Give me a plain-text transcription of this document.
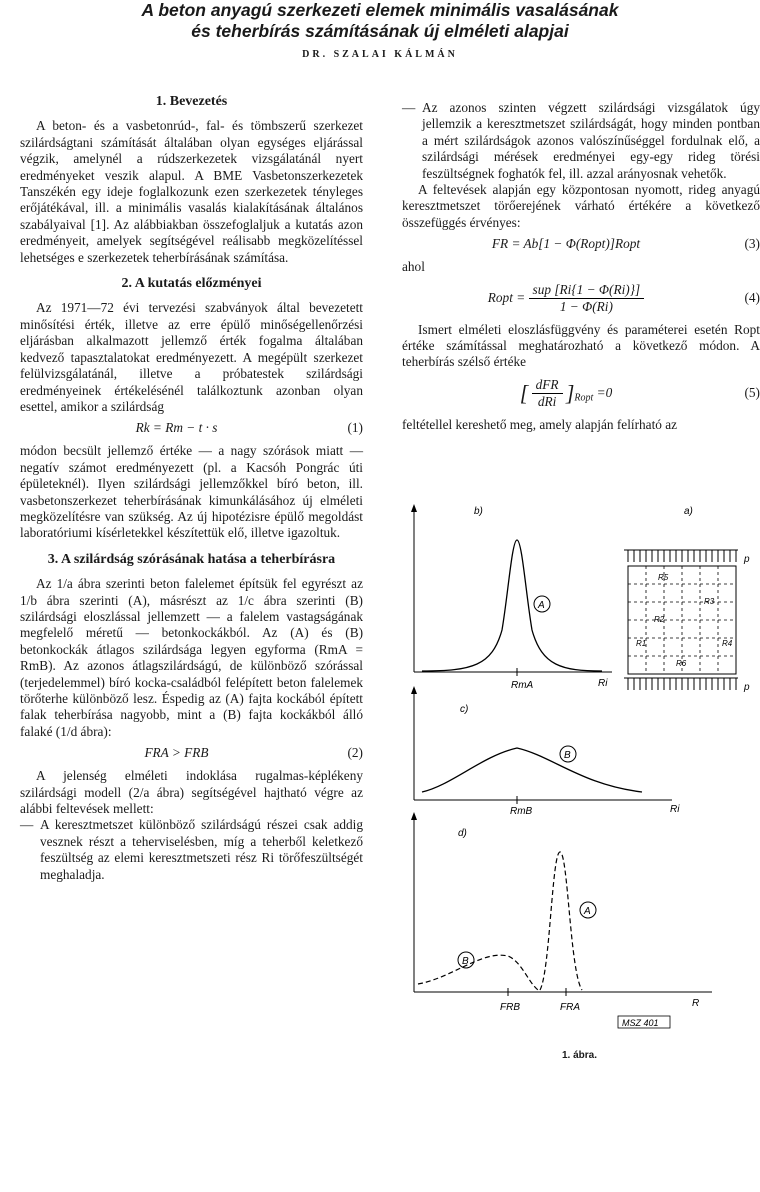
A beton anyagú szerkezeti elemek minimális vasalásának
és teherbírás számításának új elméleti alapjai
DR. SZALAI KÁLMÁN
1. Bevezetés

A beton- és a vasbetonrúd-, fal- és tömbszerű szerkezet szilárdságtani számítását általában olyan egységes eljárással végzik, amelynél a rúdszerkezetek vizsgálatánál nyert eredményeket veszik alapul. A BME Vasbetonszerkezetek Tanszékén egy ideje foglalkozunk ezen szerkezetek tényleges erőjátékával, ill. a minimális vasalás kialakításának általános szabályaival [1]. Az alábbiakban összefoglaljuk a kutatás azon eredményeit, amelyek segítségével reálisabb megközelítéssel lehetséges e szerkezetek teherbírásának számítása.

2. A kutatás előzményei

Az 1971—72 évi tervezési szabványok által bevezetett minősítési érték, illetve az erre épülő minőségellenőrzési eljárásban alkalmazott jellemző érték fogalma általában kedvező tapasztalatokat eredményezett. A megépült szerkezet felülvizsgálatánál, illetve a próbatestek szilárdsági eredményeinek értékelésénél találkoztunk azonban olyan esettel, amikor a szilárdság

Rk = Rm − t · s	(1)

módon becsült jellemző értéke — a nagy szórások miatt — negatív számot eredményezett (pl. a Kacsóh Pongrác úti épületeknél). Ilyen szilárdsági jellemzőkkel bíró beton, ill. vasbetonszerkezet teherbírásának kimunkálásához új elméleti megközelítésre van szükség. Az új hipotézisre épülő megoldást laboratóriumi kísérletekkel készítettük elő, illetve igazoltuk.

3. A szilárdság szórásának hatása a teherbírásra

Az 1/a ábra szerinti beton falelemet építsük fel egyrészt az 1/b ábra szerinti (A), másrészt az 1/c ábra szerinti (B) szilárdsági eloszlással jellemzett — a falelem vastagságának megfelelő méretű — betonkockákból. Az (A) és (B) betonkockák átlagos szilárdsága legyen egyforma (RmA = RmB). Az azonos átlagszilárdságú, de különböző szórással (terjedelemmel) bíró kocka-családból felépített beton falelemek törőterhe különböző lesz. Éspedig az (A) fajta kockából épített falak teherbírása nagyobb, mint a (B) fajta kockákból álló falaké (1/d ábra):

FRA > FRB	(2)

A jelenség elméleti indoklása rugalmas-képlékeny szilárdsági modell (2/a ábra) segítségével hajtható végre az alábbi feltevések mellett:

— A keresztmetszet különböző szilárdságú részei csak addig vesznek részt a teherviselésben, míg a teherből keletkező feszültség az elemi keresztmetszeti rész Ri törőfeszültségét meghaladja.

— Az azonos szinten végzett szilárdsági vizsgálatok úgy jellemzik a keresztmetszet szilárdságát, hogy minden pontban a mért szilárdságok azonos valószínűséggel fordulnak elő, a szilárdsági mérések eredményei egy-egy rideg törési feszültségnek foghatók fel, ill. azzal arányosnak vehetők.

A feltevések alapján egy központosan nyomott, rideg anyagú keresztmetszet törőerejének várható értékére a következő összefüggés érvényes:

FR = Ab[1 − Φ(Ropt)]Ropt	(3)

ahol

Ropt = $\frac{\text{sup [Ri\{1 − Φ(Ri)\}]}}{1 - \Phi(Ri)}$	(4)

Ismert elméleti eloszlásfüggvény és paraméterei esetén Ropt értéke számítással meghatározható a következő módon. A teherbírás szélső értéke

[ $\frac{\text{dFR}}{\text{dRi}} ]_{Ropt} =0$	(5)

feltétellel kereshető meg, amely alapján felírható az

b)
A
RmA	Ri
a)
R5
R3
R2
R1	R4
R6
p
p
c)
B
RmB	Ri
d)
A
B
FRB	FRA	R
MSZ 401
1. ábra.
